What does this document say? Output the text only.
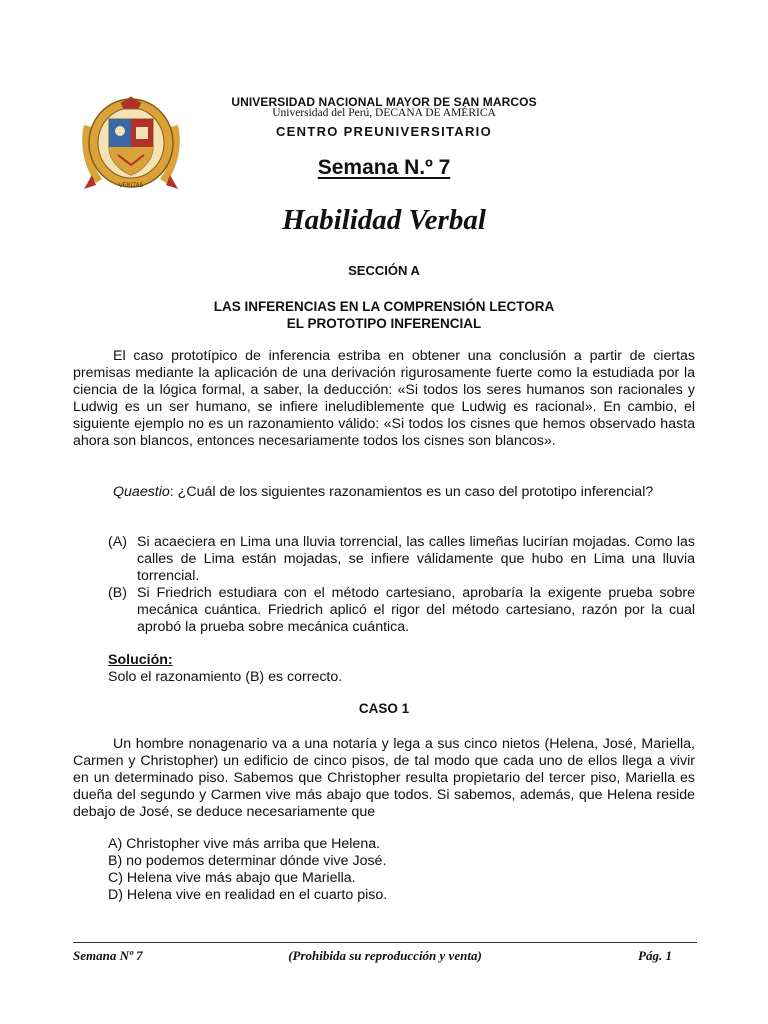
VERITAS
UNIVERSIDAD NACIONAL MAYOR DE SAN MARCOS
Universidad del Perú, DECANA DE AMÉRICA
CENTRO PREUNIVERSITARIO
Semana N.º 7
Habilidad Verbal
SECCIÓN A
LAS INFERENCIAS EN LA COMPRENSIÓN LECTORA
EL PROTOTIPO INFERENCIAL
El caso prototípico de inferencia estriba en obtener una conclusión a partir de ciertas premisas mediante la aplicación de una derivación rigurosamente fuerte como la estudiada por la ciencia de la lógica formal, a saber, la deducción: «Si todos los seres humanos son racionales y Ludwig es un ser humano, se infiere ineludiblemente que Ludwig es racional». En cambio, el siguiente ejemplo no es un razonamiento válido: «Si todos los cisnes que hemos observado hasta ahora son blancos, entonces necesariamente todos los cisnes son blancos».
Quaestio: ¿Cuál de los siguientes razonamientos es un caso del prototipo inferencial?
(A) Si acaeciera en Lima una lluvia torrencial, las calles limeñas lucirían mojadas. Como las calles de Lima están mojadas, se infiere válidamente que hubo en Lima una lluvia torrencial.
(B) Si Friedrich estudiara con el método cartesiano, aprobaría la exigente prueba sobre mecánica cuántica. Friedrich aplicó el rigor del método cartesiano, razón por la cual aprobó la prueba sobre mecánica cuántica.
Solución:
Solo el razonamiento (B) es correcto.
CASO 1
Un hombre nonagenario va a una notaría y lega a sus cinco nietos (Helena, José, Mariella, Carmen y Christopher) un edificio de cinco pisos, de tal modo que cada uno de ellos llega a vivir en un determinado piso. Sabemos que Christopher resulta propietario del tercer piso, Mariella es dueña del segundo y Carmen vive más abajo que todos. Si sabemos, además, que Helena reside debajo de José, se deduce necesariamente que
A) Christopher vive más arriba que Helena.
B) no podemos determinar dónde vive José.
C) Helena vive más abajo que Mariella.
D) Helena vive en realidad en el cuarto piso.
Semana Nº 7	(Prohibida su reproducción y venta)	Pág. 1
